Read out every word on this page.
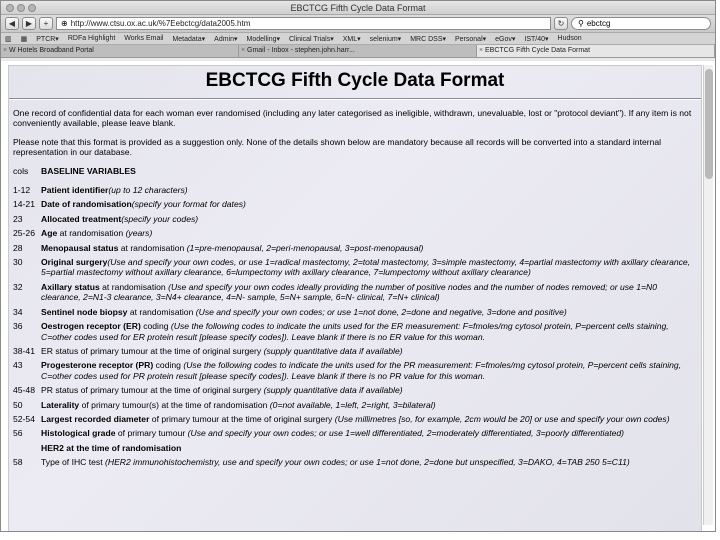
EBCTCG Fifth Cycle Data Format
◀	▶	+	⊕ http://www.ctsu.ox.ac.uk/%7Eebctcg/data2005.htm	↻	⚲ ebctcg
▥ ▦ PTCR▾ RDFa Highlight Works Email Metadata▾ Admin▾ Modelling▾ Clinical Trials▾ XML▾ selenium▾ MRC DSS▾ Personal▾ eGov▾ IST/40▾ Hudson
× W Hotels Broadband Portal	× Gmail - Inbox - stephen.john.harr...	× EBCTCG Fifth Cycle Data Format
EBCTCG Fifth Cycle Data Format

One record of confidential data for each woman ever randomised (including any later categorised as ineligible, withdrawn, unevaluable, lost or "protocol deviant"). If any item is not conveniently available, please leave blank.

Please note that this format is provided as a suggestion only. None of the details shown below are mandatory because all records will be converted into a standard internal representation in our database.

cols	BASELINE VARIABLES
1-12	Patient identifier(up to 12 characters)
14-21 Date of randomisation(specify your format for dates)
23	Allocated treatment(specify your codes)
25-26 Age at randomisation (years)
28	Menopausal status at randomisation (1=pre-menopausal, 2=peri-menopausal, 3=post-menopausal)
30	Original surgery(Use and specify your own codes, or use 1=radical mastectomy, 2=total mastectomy, 3=simple mastectomy, 4=partial mastectomy with axillary clearance, 5=partial mastectomy without axillary clearance, 6=lumpectomy with axillary clearance, 7=lumpectomy without axillary clearance)
32	Axillary status at randomisation (Use and specify your own codes ideally providing the number of positive nodes and the number of nodes removed; or use 1=N0 clearance, 2=N1-3 clearance, 3=N4+ clearance, 4=N- sample, 5=N+ sample, 6=N- clinical, 7=N+ clinical)
34	Sentinel node biopsy at randomisation (Use and specify your own codes; or use 1=not done, 2=done and negative, 3=done and positive)
36	Oestrogen receptor (ER) coding (Use the following codes to indicate the units used for the ER measurement: F=fmoles/mg cytosol protein, P=percent cells staining, C=other codes used for ER protein result [please specify codes]). Leave blank if there is no ER value for this woman.
38-41 ER status of primary tumour at the time of original surgery (supply quantitative data if available)
43	Progesterone receptor (PR) coding (Use the following codes to indicate the units used for the PR measurement: F=fmoles/mg cytosol protein, P=percent cells staining, C=other codes used for PR protein result [please specify codes]). Leave blank if there is no PR value for this woman.
45-48 PR status of primary tumour at the time of original surgery (supply quantitative data if available)
50	Laterality of primary tumour(s) at the time of randomisation (0=not available, 1=left, 2=right, 3=bilateral)
52-54 Largest recorded diameter of primary tumour at the time of original surgery (Use millimetres [so, for example, 2cm would be 20] or use and specify your own codes)
56	Histological grade of primary tumour (Use and specify your own codes; or use 1=well differentiated, 2=moderately differentiated, 3=poorly differentiated)
HER2 at the time of randomisation
58	Type of IHC test (HER2 immunohistochemistry, use and specify your own codes; or use 1=not done, 2=done but unspecified, 3=DAKO, 4=TAB 250 5=C11)
